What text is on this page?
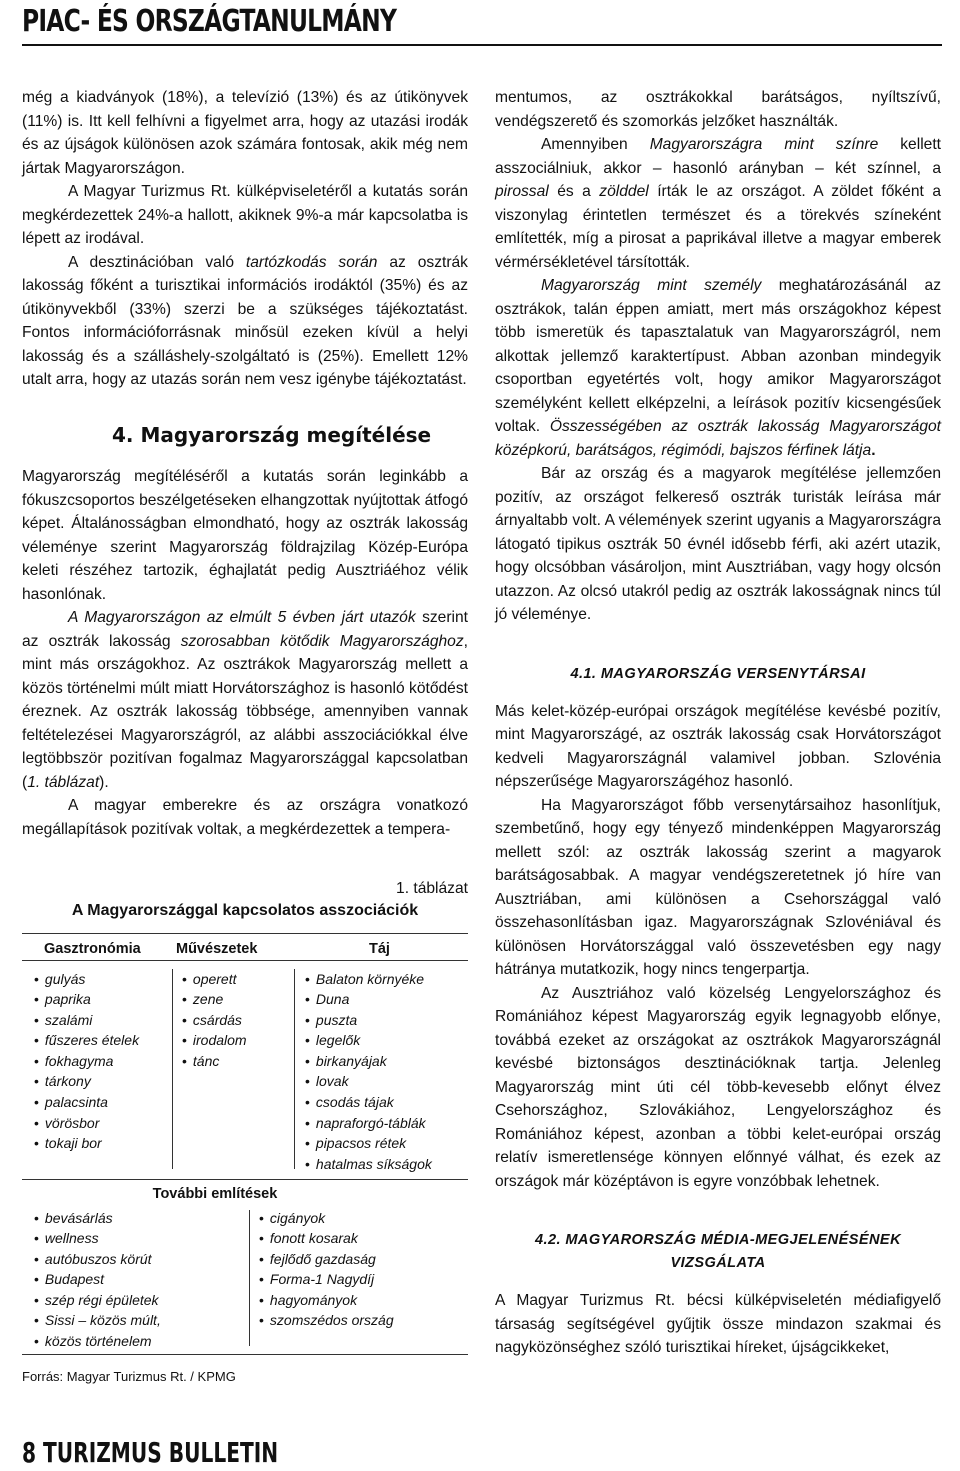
PIAC- ÉS ORSZÁGTANULMÁNY

még a kiadványok (18%), a televízió (13%) és az útikönyvek (11%) is. Itt kell felhívni a figyelmet arra, hogy az utazási irodák és az újságok különösen azok számára fontosak, akik még nem jártak Magyarországon.

A Magyar Turizmus Rt. külképviseletéről a kutatás során megkérdezettek 24%-a hallott, akiknek 9%-a már kapcsolatba is lépett az irodával.

A desztinációban való tartózkodás során az osztrák lakosság főként a turisztikai információs irodáktól (35%) és az útikönyvekből (33%) szerzi be a szükséges tájékoztatást. Fontos információforrásnak minősül ezeken kívül a helyi lakosság és a szálláshely-szolgáltató is (25%). Emellett 12% utalt arra, hogy az utazás során nem vesz igénybe tájékoztatást.

4. Magyarország megítélése

Magyarország megítéléséről a kutatás során leginkább a fókuszcsoportos beszélgetéseken elhangzottak nyújtottak átfogó képet. Általánosságban elmondható, hogy az osztrák lakosság véleménye szerint Magyarország földrajzilag Közép-Európa keleti részéhez tartozik, éghajlatát pedig Ausztriáéhoz vélik hasonlónak.

A Magyarországon az elmúlt 5 évben járt utazók szerint az osztrák lakosság szorosabban kötődik Magyarországhoz, mint más országokhoz. Az osztrákok Magyarország mellett a közös történelmi múlt miatt Horvátországhoz is hasonló kötődést éreznek. Az osztrák lakosság többsége, amennyiben vannak feltételezései Magyarországról, az alábbi asszociációkkal élve legtöbbször pozitívan fogalmaz Magyarországgal kapcsolatban (1. táblázat).

A magyar emberekre és az országra vonatkozó megállapítások pozitívak voltak, a megkérdezettek a tempera-

1. táblázat
A Magyarországgal kapcsolatos asszociációk
Gasztronómia Művészetek	Táj
• gulyás
• paprika
• szalámi
• fűszeres ételek
• fokhagyma
• tárkony
• palacsinta
• vörösbor
• tokaji bor
• operett
• zene
• csárdás
• irodalom
• tánc
• Balaton környéke
• Duna
• puszta
• legelők
• birkanyájak
• lovak
• csodás tájak
• napraforgó-táblák
• pipacsos rétek
• hatalmas síkságok
További említések
• bevásárlás
• wellness
• autóbuszos körút
• Budapest
• szép régi épületek
• Sissi – közös múlt,
• közös történelem
• cigányok
• fonott kosarak
• fejlődő gazdaság
• Forma-1 Nagydíj
• hagyományok
• szomszédos ország
Forrás: Magyar Turizmus Rt. / KPMG

mentumos, az osztrákokkal barátságos, nyíltszívű, vendégszerető és szomorkás jelzőket használták.

Amennyiben Magyarországra mint színre kellett asszociálniuk, akkor – hasonló arányban – két színnel, a pirossal és a zölddel írták le az országot. A zöldet főként a viszonylag érintetlen természet és a törekvés színeként említették, míg a pirosat a paprikával illetve a magyar emberek vérmérsékletével társították.

Magyarország mint személy meghatározásánál az osztrákok, talán éppen amiatt, mert más országokhoz képest több ismeretük és tapasztalatuk van Magyarországról, nem alkottak jellemző karaktertípust. Abban azonban mindegyik csoportban egyetértés volt, hogy amikor Magyarországot személyként kellett elképzelni, a leírások pozitív kicsengésűek voltak. Összességében az osztrák lakosság Magyarországot középkorú, barátságos, régimódi, bajszos férfinek látja.

Bár az ország és a magyarok megítélése jellemzően pozitív, az országot felkereső osztrák turisták leírása már árnyaltabb volt. A vélemények szerint ugyanis a Magyarországra látogató tipikus osztrák 50 évnél idősebb férfi, aki azért utazik, hogy olcsóbban vásároljon, mint Ausztriában, vagy hogy olcsón utazzon. Az olcsó utakról pedig az osztrák lakosságnak nincs túl jó véleménye.

4.1. MAGYARORSZÁG VERSENYTÁRSAI

Más kelet-közép-európai országok megítélése kevésbé pozitív, mint Magyarországé, az osztrák lakosság csak Horvátországot kedveli Magyarországnál valamivel jobban. Szlovénia népszerűsége Magyarországéhoz hasonló.

Ha Magyarországot főbb versenytársaihoz hasonlítjuk, szembetűnő, hogy egy tényező mindenképpen Magyarország mellett szól: az osztrák lakosság szerint a magyarok barátságosabbak. A magyar vendégszeretetnek jó híre van Ausztriában, ami különösen a Csehországgal való összehasonlításban igaz. Magyarországnak Szlovéniával és különösen Horvátországgal való összevetésben egy nagy hátránya mutatkozik, hogy nincs tengerpartja.

Az Ausztriához való közelség Lengyelországhoz és Romániához képest Magyarország egyik legnagyobb előnye, továbbá ezeket az országokat az osztrákok Magyarországnál kevésbé biztonságos desztinációknak tartja. Jelenleg Magyarország mint úti cél több-kevesebb előnyt élvez Csehországhoz, Szlovákiához, Lengyelországhoz és Romániához képest, azonban a többi kelet-európai ország relatív ismeretlensége könnyen előnnyé válhat, és ezek az országok már középtávon is egyre vonzóbbak lehetnek.

4.2. MAGYARORSZÁG MÉDIA-MEGJELENÉSÉNEK
VIZSGÁLATA

A Magyar Turizmus Rt. bécsi külképviseletén médiafigyelő társaság segítségével gyűjtik össze mindazon szakmai és nagyközönséghez szóló turisztikai híreket, újságcikkeket,

8 TURIZMUS BULLETIN
